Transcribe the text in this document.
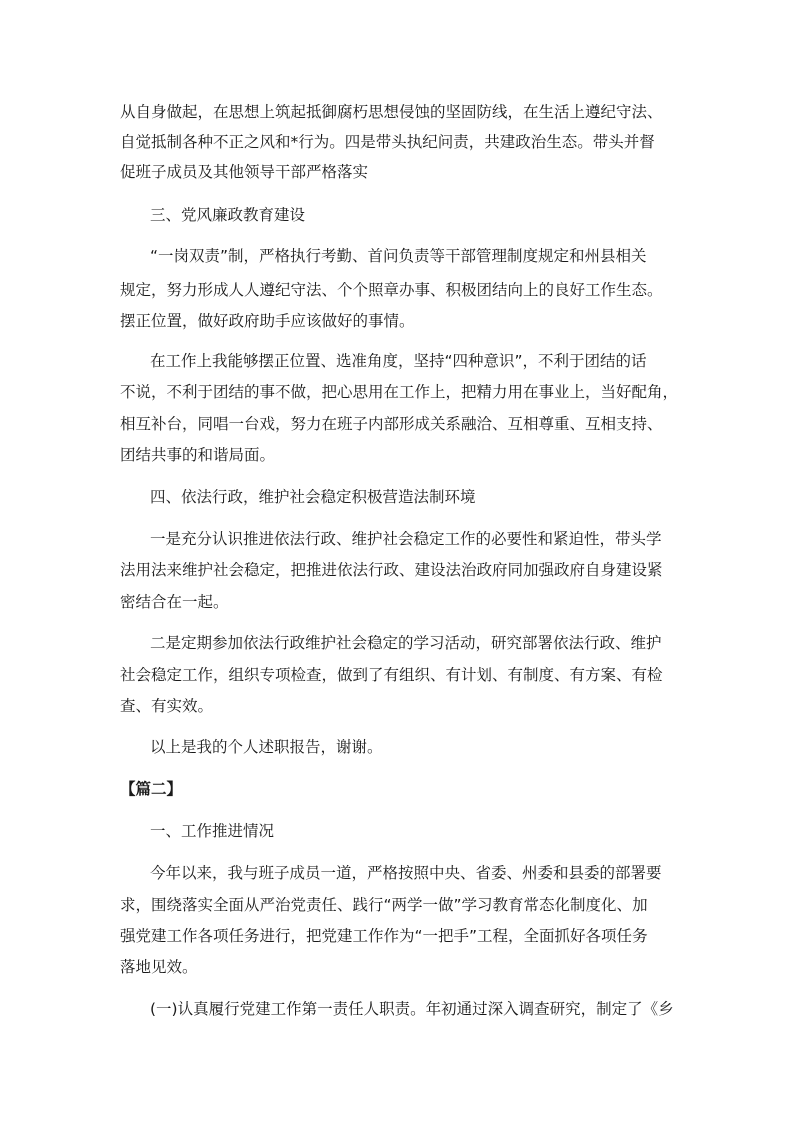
从自身做起，在思想上筑起抵御腐朽思想侵蚀的坚固防线，在生活上遵纪守法、
自觉抵制各种不正之风和*行为。四是带头执纪问责，共建政治生态。带头并督
促班子成员及其他领导干部严格落实
三、党风廉政教育建设
“一岗双责”制，严格执行考勤、首问负责等干部管理制度规定和州县相关
规定，努力形成人人遵纪守法、个个照章办事、积极团结向上的良好工作生态。
摆正位置，做好政府助手应该做好的事情。
在工作上我能够摆正位置、选准角度，坚持“四种意识”，不利于团结的话
不说，不利于团结的事不做，把心思用在工作上，把精力用在事业上，当好配角，
相互补台，同唱一台戏，努力在班子内部形成关系融洽、互相尊重、互相支持、
团结共事的和谐局面。
四、依法行政，维护社会稳定积极营造法制环境
一是充分认识推进依法行政、维护社会稳定工作的必要性和紧迫性，带头学
法用法来维护社会稳定，把推进依法行政、建设法治政府同加强政府自身建设紧
密结合在一起。
二是定期参加依法行政维护社会稳定的学习活动，研究部署依法行政、维护
社会稳定工作，组织专项检查，做到了有组织、有计划、有制度、有方案、有检
查、有实效。
以上是我的个人述职报告，谢谢。
【篇二】
一、工作推进情况
今年以来，我与班子成员一道，严格按照中央、省委、州委和县委的部署要
求，围绕落实全面从严治党责任、践行“两学一做”学习教育常态化制度化、加
强党建工作各项任务进行，把党建工作作为“一把手”工程，全面抓好各项任务
落地见效。
(一)认真履行党建工作第一责任人职责。年初通过深入调查研究，制定了《乡
